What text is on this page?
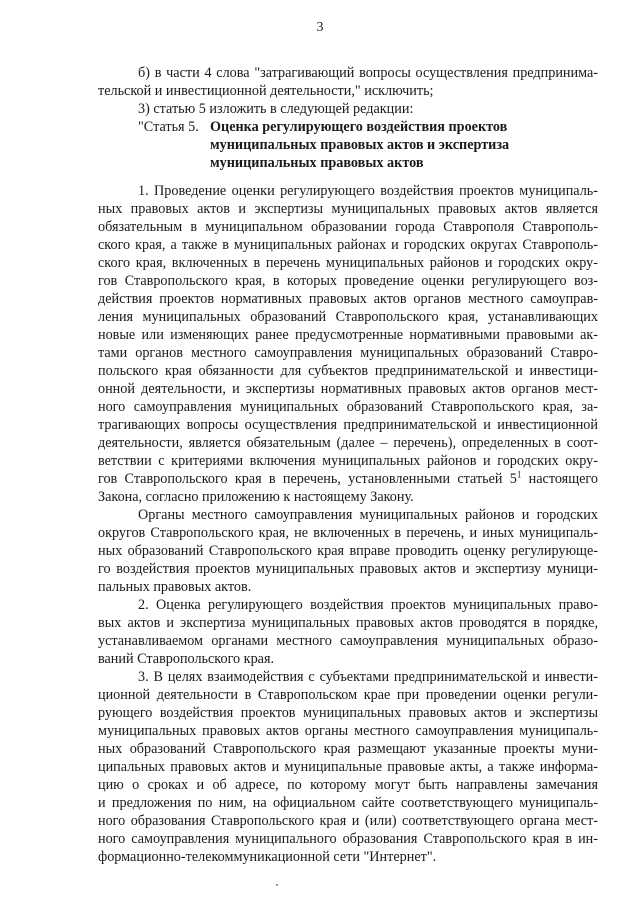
3
б) в части 4 слова "затрагивающий вопросы осуществления предпринима-
тельской и инвестиционной деятельности," исключить;
3) статью 5 изложить в следующей редакции:
"Статья 5. Оценка регулирующего воздействия проектов
муниципальных правовых актов и экспертиза
муниципальных правовых актов
1. Проведение оценки регулирующего воздействия проектов муниципаль-
ных правовых актов и экспертизы муниципальных правовых актов является
обязательным в муниципальном образовании города Ставрополя Ставрополь-
ского края, а также в муниципальных районах и городских округах Ставрополь-
ского края, включенных в перечень муниципальных районов и городских окру-
гов Ставропольского края, в которых проведение оценки регулирующего воз-
действия проектов нормативных правовых актов органов местного самоуправ-
ления муниципальных образований Ставропольского края, устанавливающих
новые или изменяющих ранее предусмотренные нормативными правовыми ак-
тами органов местного самоуправления муниципальных образований Ставро-
польского края обязанности для субъектов предпринимательской и инвестици-
онной деятельности, и экспертизы нормативных правовых актов органов мест-
ного самоуправления муниципальных образований Ставропольского края, за-
трагивающих вопросы осуществления предпринимательской и инвестиционной
деятельности, является обязательным (далее – перечень), определенных в соот-
ветствии с критериями включения муниципальных районов и городских окру-
гов Ставропольского края в перечень, установленными статьей $5^1$ настоящего
Закона, согласно приложению к настоящему Закону.
Органы местного самоуправления муниципальных районов и городских
округов Ставропольского края, не включенных в перечень, и иных муниципаль-
ных образований Ставропольского края вправе проводить оценку регулирующе-
го воздействия проектов муниципальных правовых актов и экспертизу муници-
пальных правовых актов.
2. Оценка регулирующего воздействия проектов муниципальных право-
вых актов и экспертиза муниципальных правовых актов проводятся в порядке,
устанавливаемом органами местного самоуправления муниципальных образо-
ваний Ставропольского края.
3. В целях взаимодействия с субъектами предпринимательской и инвести-
ционной деятельности в Ставропольском крае при проведении оценки регули-
рующего воздействия проектов муниципальных правовых актов и экспертизы
муниципальных правовых актов органы местного самоуправления муниципаль-
ных образований Ставропольского края размещают указанные проекты муни-
ципальных правовых актов и муниципальные правовые акты, а также информа-
цию о сроках и об адресе, по которому могут быть направлены замечания
и предложения по ним, на официальном сайте соответствующего муниципаль-
ного образования Ставропольского края и (или) соответствующего органа мест-
ного самоуправления муниципального образования Ставропольского края в ин-
формационно-телекоммуникационной сети "Интернет".
